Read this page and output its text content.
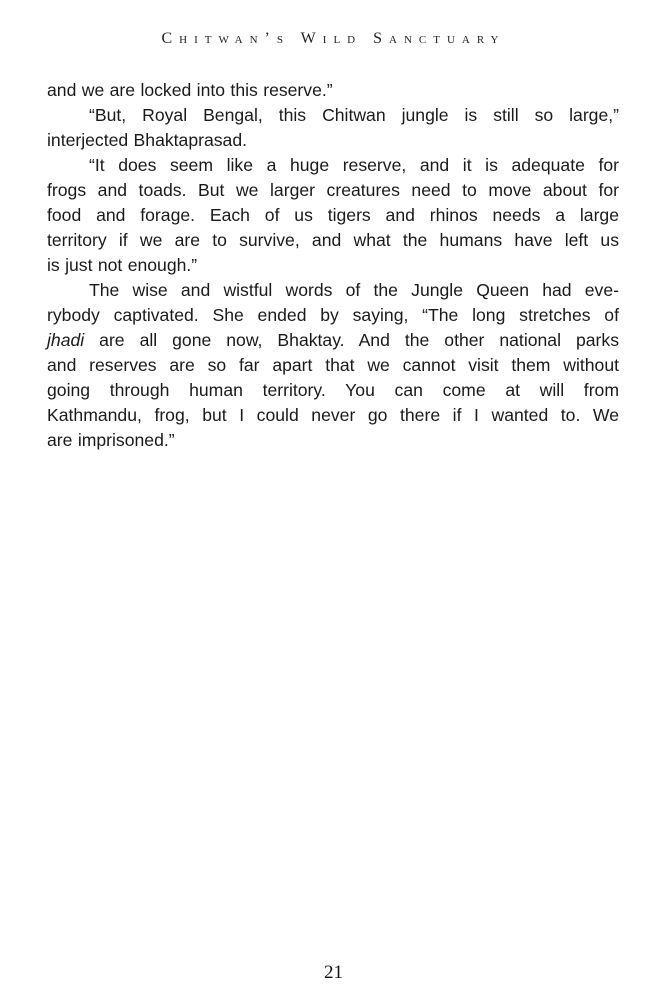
Chitwan’s Wild Sanctuary
and we are locked into this reserve.”
“But, Royal Bengal, this Chitwan jungle is still so large,”
interjected Bhaktaprasad.
“It does seem like a huge reserve, and it is adequate for
frogs and toads. But we larger creatures need to move about for
food and forage. Each of us tigers and rhinos needs a large
territory if we are to survive, and what the humans have left us
is just not enough.”
The wise and wistful words of the Jungle Queen had eve-
rybody captivated. She ended by saying, “The long stretches of
jhadi are all gone now, Bhaktay. And the other national parks
and reserves are so far apart that we cannot visit them without
going through human territory. You can come at will from
Kathmandu, frog, but I could never go there if I wanted to. We
are imprisoned.”
21
